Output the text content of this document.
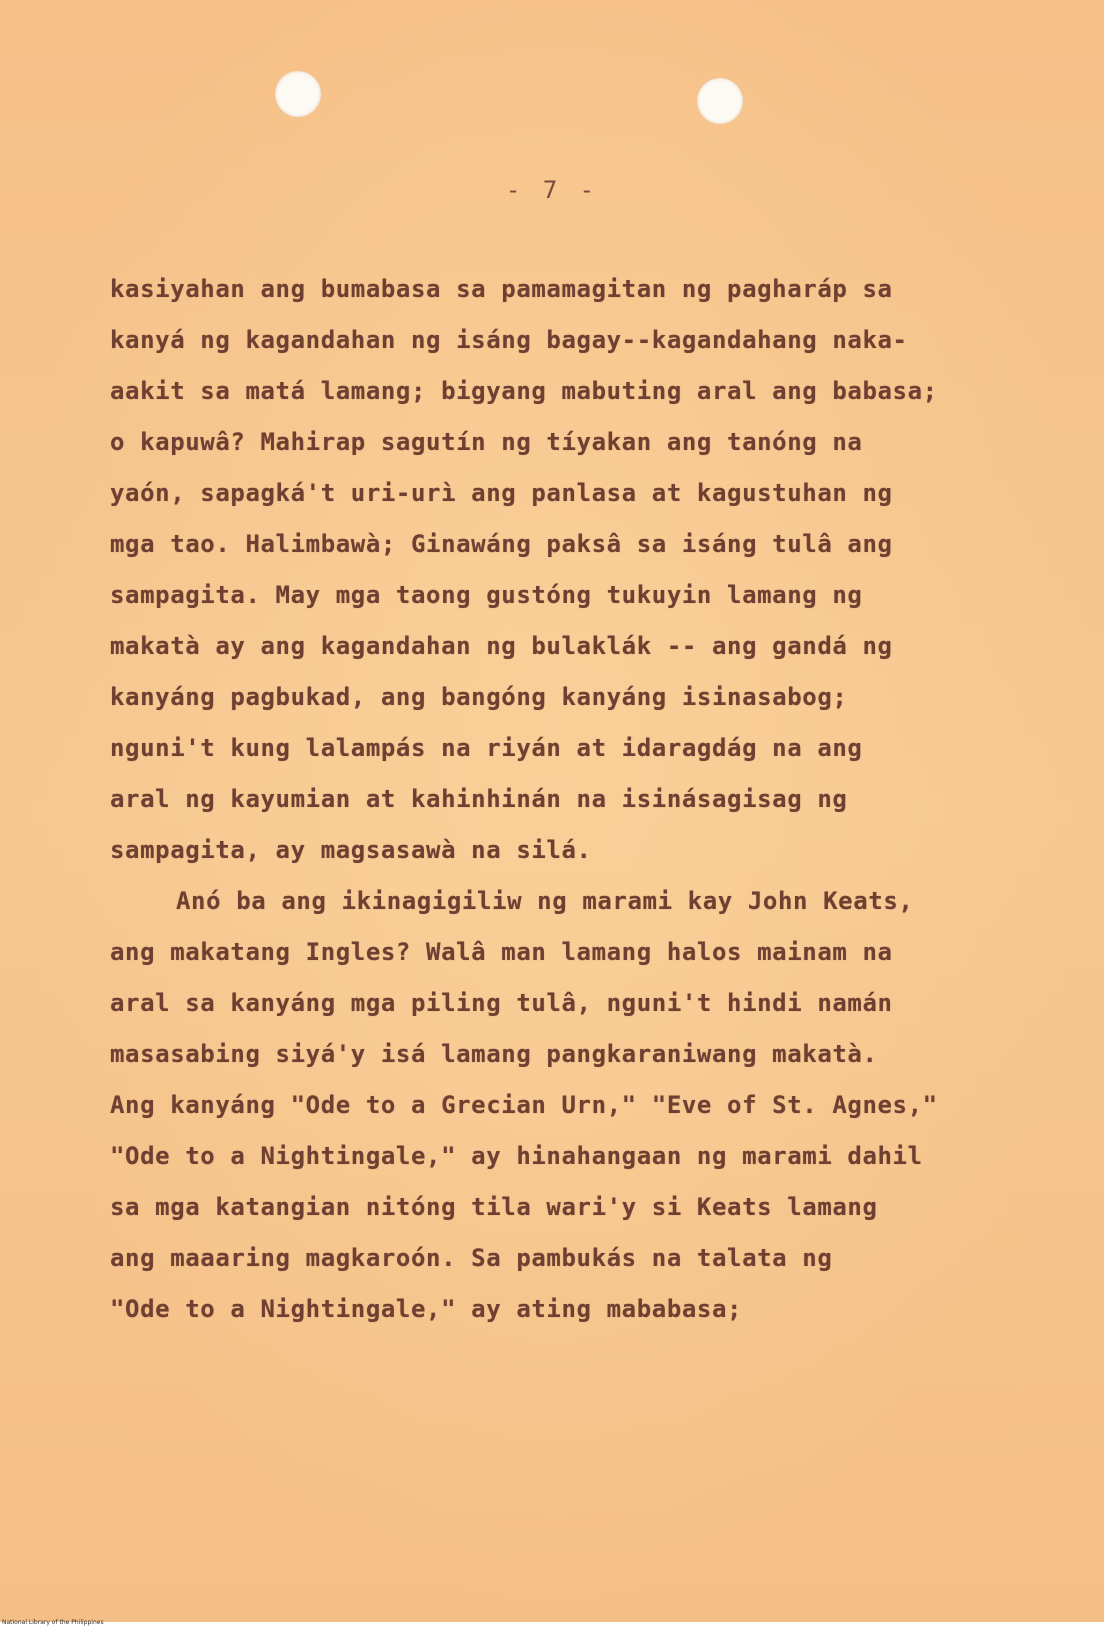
- 7 -
kasiyahan ang bumabasa sa pamamagitan ng pagharáp sa
kanyá ng kagandahan ng isáng bagay--kagandahang naka-
aakit sa matá lamang; bigyang mabuting aral ang babasa;
o kapuwâ? Mahirap sagutín ng tíyakan ang tanóng na
yaón, sapagká't uri-urì ang panlasa at kagustuhan ng
mga tao. Halimbawà; Ginawáng paksâ sa isáng tulâ ang
sampagita. May mga taong gustóng tukuyin lamang ng
makatà ay ang kagandahan ng bulaklák -- ang gandá ng
kanyáng pagbukad, ang bangóng kanyáng isinasabog;
nguni't kung lalampás na riyán at idaragdág na ang
aral ng kayumian at kahinhinán na isinásagisag ng
sampagita, ay magsasawà na silá.
Anó ba ang ikinagigiliw ng marami kay John Keats,
ang makatang Ingles? Walâ man lamang halos mainam na
aral sa kanyáng mga piling tulâ, nguni't hindi namán
masasabing siyá'y isá lamang pangkaraniwang makatà.
Ang kanyáng "Ode to a Grecian Urn," "Eve of St. Agnes,"
"Ode to a Nightingale," ay hinahangaan ng marami dahil
sa mga katangian nitóng tila wari'y si Keats lamang
ang maaaring magkaroón. Sa pambukás na talata ng
"Ode to a Nightingale," ay ating mababasa;
National Library of the Philippines
